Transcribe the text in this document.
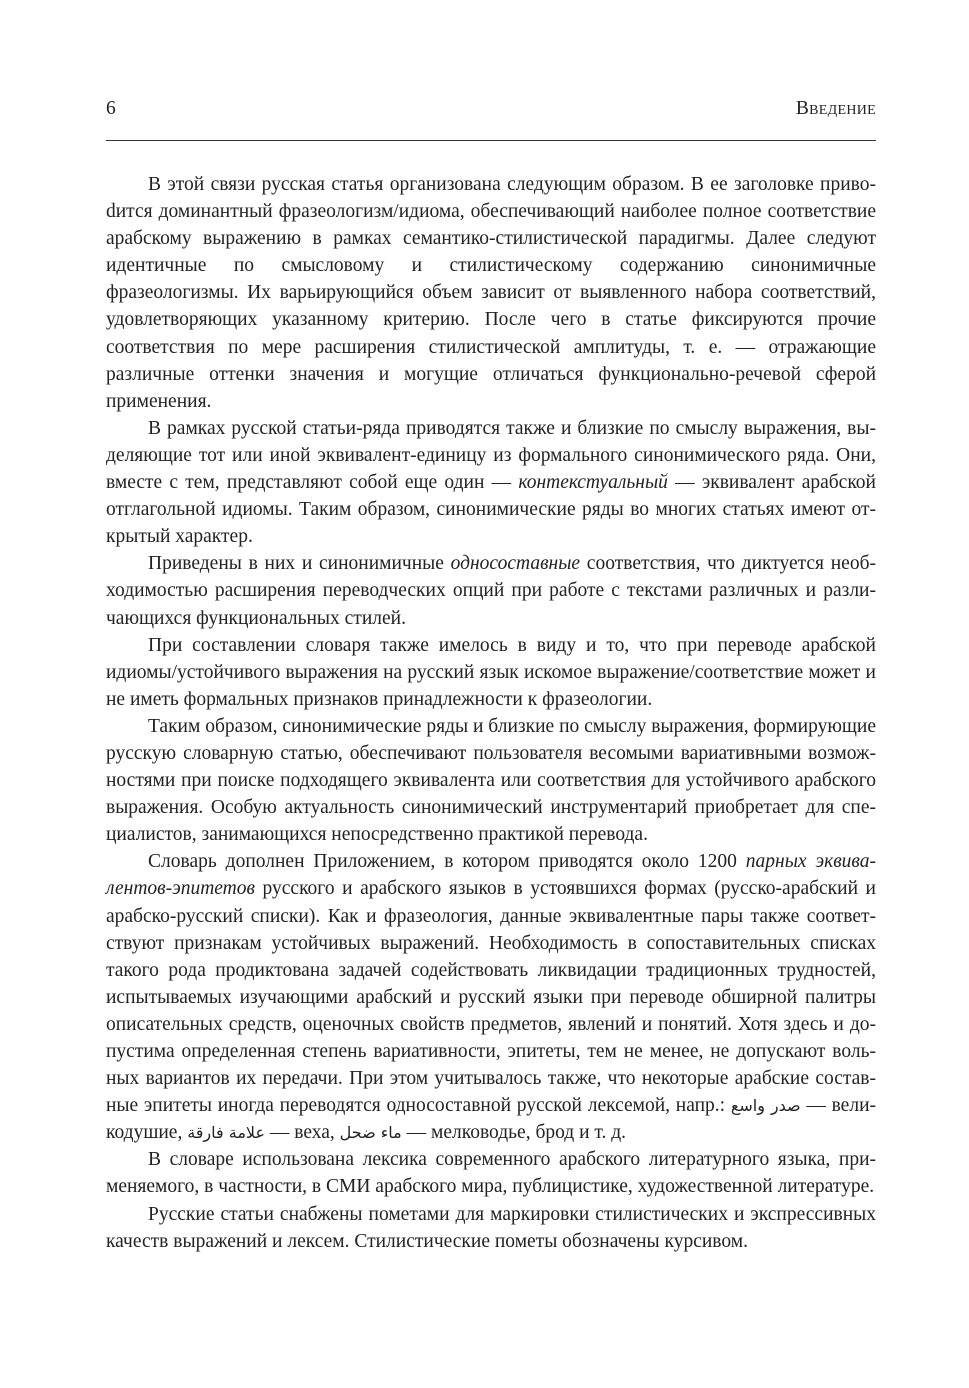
6	Введение

В этой связи русская статья организована следующим образом. В ее заголовке привоdится доминантный фразеологизм/идиома, обеспечивающий наиболее полное соответствие арабскому выражению в рамках семантико-стилистической парадигмы. Далее следуют идентичные по смысловому и стилистическому содержанию синонимичные фразеологизмы. Их варьирующийся объем зависит от выявленного набора соответствий, удовлетворяющих указанному критерию. После чего в статье фиксируются прочие соответствия по мере расширения стилистической амплитуды, т. е. — отражающие различные оттенки значения и могущие отличаться функционально-речевой сферой применения.

В рамках русской статьи-ряда приводятся также и близкие по смыслу выражения, выделяющие тот или иной эквивалент-единицу из формального синонимического ряда. Они, вместе с тем, представляют собой еще один — контекстуальный — эквивалент арабской отглагольной идиомы. Таким образом, синонимические ряды во многих статьях имеют открытый характер.

Приведены в них и синонимичные односоставные соответствия, что диктуется необходимостью расширения переводческих опций при работе с текстами различных и различающихся функциональных стилей.

При составлении словаря также имелось в виду и то, что при переводе арабской идиомы/устойчивого выражения на русский язык искомое выражение/соответствие может и не иметь формальных признаков принадлежности к фразеологии.

Таким образом, синонимические ряды и близкие по смыслу выражения, формирующие русскую словарную статью, обеспечивают пользователя весомыми вариативными возможностями при поиске подходящего эквивалента или соответствия для устойчивого арабского выражения. Особую актуальность синонимический инструментарий приобретает для специалистов, занимающихся непосредственно практикой перевода.

Словарь дополнен Приложением, в котором приводятся около 1200 парных эквивалентов-эпитетов русского и арабского языков в устоявшихся формах (русско-арабский и арабско-русский списки). Как и фразеология, данные эквивалентные пары также соответствуют признакам устойчивых выражений. Необходимость в сопоставительных списках такого рода продиктована задачей содействовать ликвидации традиционных трудностей, испытываемых изучающими арабский и русский языки при переводе обширной палитры описательных средств, оценочных свойств предметов, явлений и понятий. Хотя здесь и допустима определенная степень вариативности, эпитеты, тем не менее, не допускают вольных вариантов их передачи. При этом учитывалось также, что некоторые арабские составные эпитеты иногда переводятся односоставной русской лексемой, напр.: صدر واسع — великодушие, علامة فارقة — веха, ماء ضحل — мелководье, брод и т. д.

В словаре использована лексика современного арабского литературного языка, применяемого, в частности, в СМИ арабского мира, публицистике, художественной литературе.

Русские статьи снабжены пометами для маркировки стилистических и экспрессивных качеств выражений и лексем. Стилистические пометы обозначены курсивом.
